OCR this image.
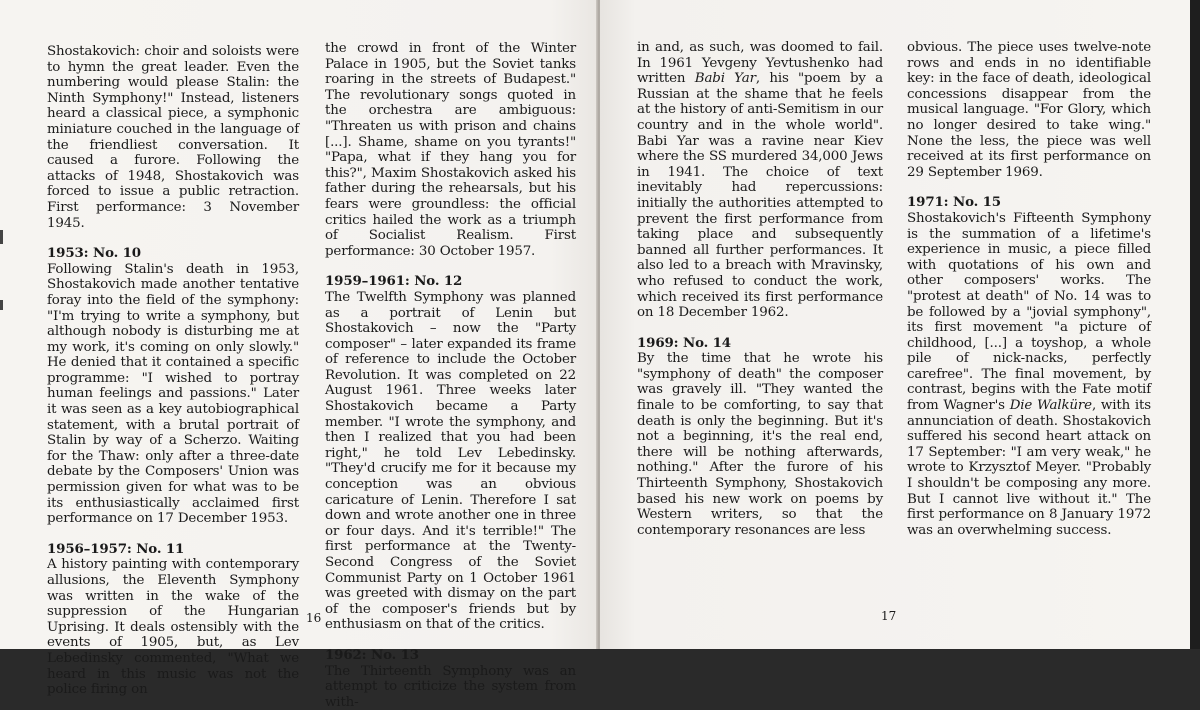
Shostakovich: choir and soloists were to hymn the great leader. Even the numbering would please Stalin: the Ninth Symphony!" Instead, listeners heard a classical piece, a symphonic miniature couched in the language of the friendliest conversation. It caused a furore. Following the attacks of 1948, Shostakovich was forced to issue a public retraction. First performance: 3 November 1945.

1953: No. 10

Following Stalin's death in 1953, Shostakovich made another tentative foray into the field of the symphony: "I'm trying to write a symphony, but although nobody is disturbing me at my work, it's coming on only slowly." He denied that it contained a specific programme: "I wished to portray human feelings and passions." Later it was seen as a key autobiographical statement, with a brutal portrait of Stalin by way of a Scherzo. Waiting for the Thaw: only after a three-date debate by the Composers' Union was permission given for what was to be its enthusiastically acclaimed first performance on 17 December 1953.

1956–1957: No. 11

A history painting with contemporary allusions, the Eleventh Symphony was written in the wake of the suppression of the Hungarian Uprising. It deals ostensibly with the events of 1905, but, as Lev Lebedinsky commented, "What we heard in this music was not the police firing on

the crowd in front of the Winter Palace in 1905, but the Soviet tanks roaring in the streets of Budapest." The revolutionary songs quoted in the orchestra are ambiguous: "Threaten us with prison and chains [...]. Shame, shame on you tyrants!" "Papa, what if they hang you for this?", Maxim Shostakovich asked his father during the rehearsals, but his fears were groundless: the official critics hailed the work as a triumph of Socialist Realism. First performance: 30 October 1957.

1959–1961: No. 12

The Twelfth Symphony was planned as a portrait of Lenin but Shostakovich – now the "Party composer" – later expanded its frame of reference to include the October Revolution. It was completed on 22 August 1961. Three weeks later Shostakovich became a Party member. "I wrote the symphony, and then I realized that you had been right," he told Lev Lebedinsky. "They'd crucify me for it because my conception was an obvious caricature of Lenin. Therefore I sat down and wrote another one in three or four days. And it's terrible!" The first performance at the Twenty-Second Congress of the Soviet Communist Party on 1 October 1961 was greeted with dismay on the part of the composer's friends but by enthusiasm on that of the critics.

1962: No. 13

The Thirteenth Symphony was an attempt to criticize the system from with-

16

in and, as such, was doomed to fail. In 1961 Yevgeny Yevtushenko had written Babi Yar, his "poem by a Russian at the shame that he feels at the history of anti-Semitism in our country and in the whole world". Babi Yar was a ravine near Kiev where the SS murdered 34,000 Jews in 1941. The choice of text inevitably had repercussions: initially the authorities attempted to prevent the first performance from taking place and subsequently banned all further performances. It also led to a breach with Mravinsky, who refused to conduct the work, which received its first performance on 18 December 1962.

1969: No. 14

By the time that he wrote his "symphony of death" the composer was gravely ill. "They wanted the finale to be comforting, to say that death is only the beginning. But it's not a beginning, it's the real end, there will be nothing afterwards, nothing." After the furore of his Thirteenth Symphony, Shostakovich based his new work on poems by Western writers, so that the contemporary resonances are less

obvious. The piece uses twelve-note rows and ends in no identifiable key: in the face of death, ideological concessions disappear from the musical language. "For Glory, which no longer desired to take wing." None the less, the piece was well received at its first performance on 29 September 1969.

1971: No. 15

Shostakovich's Fifteenth Symphony is the summation of a lifetime's experience in music, a piece filled with quotations of his own and other composers' works. The "protest at death" of No. 14 was to be followed by a "jovial symphony", its first movement "a picture of childhood, [...] a toyshop, a whole pile of nick-nacks, perfectly carefree". The final movement, by contrast, begins with the Fate motif from Wagner's Die Walküre, with its annunciation of death. Shostakovich suffered his second heart attack on 17 September: "I am very weak," he wrote to Krzysztof Meyer. "Probably I shouldn't be composing any more. But I cannot live without it." The first performance on 8 January 1972 was an overwhelming success.

17
